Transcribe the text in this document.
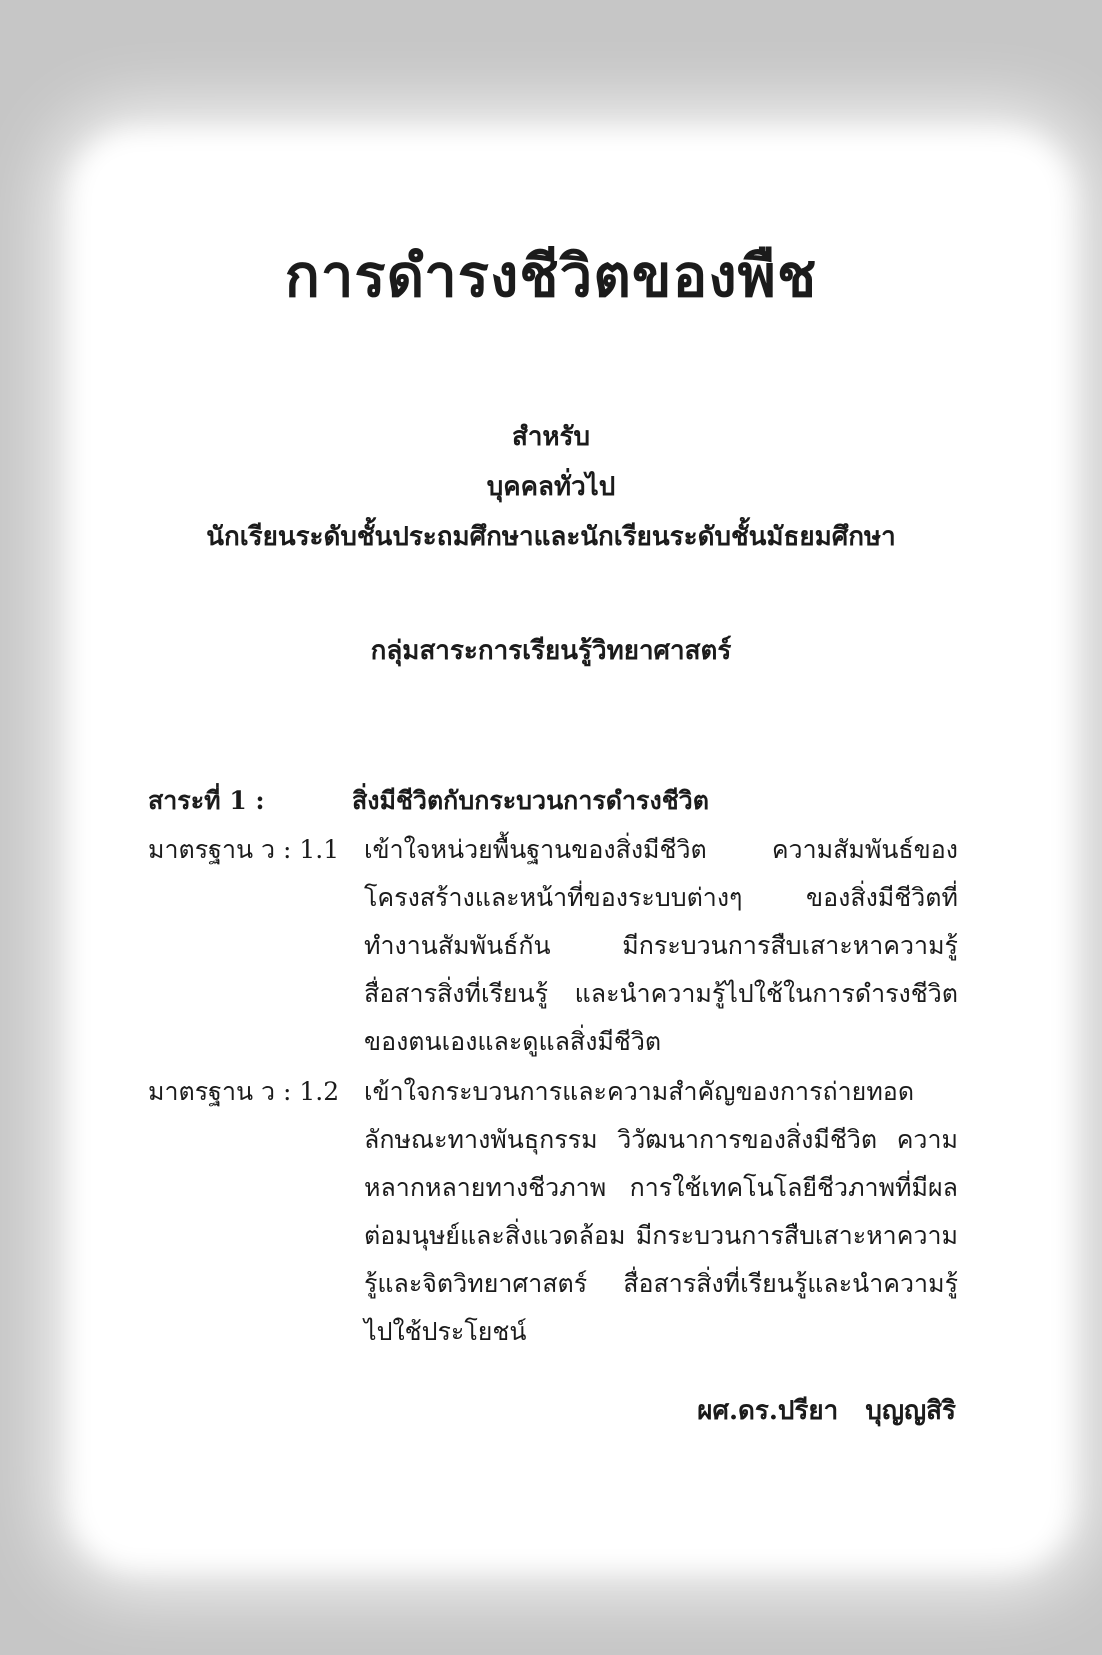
การดำรงชีวิตของพืช
สำหรับ
บุคคลทั่วไป
นักเรียนระดับชั้นประถมศึกษาและนักเรียนระดับชั้นมัธยมศึกษา
กลุ่มสาระการเรียนรู้วิทยาศาสตร์
สาระที่ 1 :	สิ่งมีชีวิตกับกระบวนการดำรงชีวิต
มาตรฐาน ว : 1.1 เข้าใจหน่วยพื้นฐานของสิ่งมีชีวิต ความสัมพันธ์ของโครงสร้างและหน้าที่ของระบบต่างๆ ของสิ่งมีชีวิตที่ทำงานสัมพันธ์กัน มีกระบวนการสืบเสาะหาความรู้ สื่อสารสิ่งที่เรียนรู้ และนำความรู้ไปใช้ในการดำรงชีวิตของตนเองและดูแลสิ่งมีชีวิต

มาตรฐาน ว : 1.2 เข้าใจกระบวนการและความสำคัญของการถ่ายทอดลักษณะทางพันธุกรรม วิวัฒนาการของสิ่งมีชีวิต ความหลากหลายทางชีวภาพ การใช้เทคโนโลยีชีวภาพที่มีผลต่อมนุษย์และสิ่งแวดล้อม มีกระบวนการสืบเสาะหาความรู้และจิตวิทยาศาสตร์ สื่อสารสิ่งที่เรียนรู้และนำความรู้ไปใช้ประโยชน์

ผศ.ดร.ปรียา   บุญญสิริ
